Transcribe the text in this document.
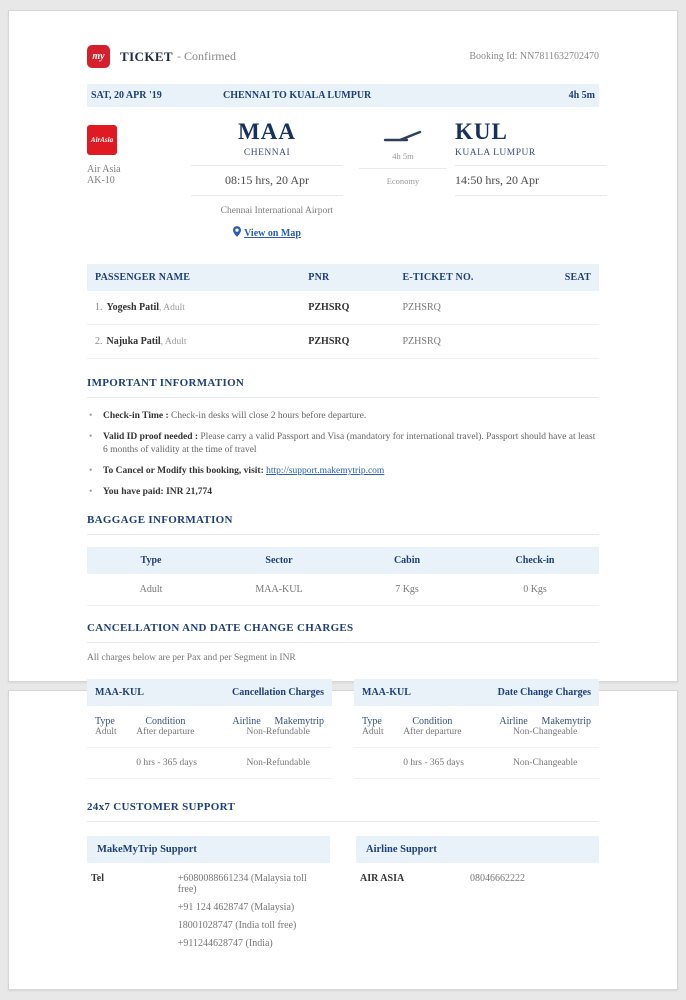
my	TICKET - Confirmed	Booking Id: NN7811632702470
SAT, 20 APR '19	CHENNAI TO KUALA LUMPUR	4h 5m
AirAsia
Air Asia
AK-10
MAA
CHENNAI
08:15 hrs, 20 Apr
Chennai International Airport
View on Map
4h 5m
Economy
KUL
KUALA LUMPUR
14:50 hrs, 20 Apr
PASSENGER NAME	PNR	E-TICKET NO.	SEAT
1. Yogesh Patil, Adult	PZHSRQ	PZHSRQ
2. Najuka Patil, Adult	PZHSRQ	PZHSRQ
IMPORTANT INFORMATION
• Check-in Time : Check-in desks will close 2 hours before departure.
• Valid ID proof needed : Please carry a valid Passport and Visa (mandatory for international travel). Passport should have at least 6 months of validity at the time of travel
• To Cancel or Modify this booking, visit: http://support.makemytrip.com
• You have paid: INR 21,774
BAGGAGE INFORMATION
Type	Sector	Cabin	Check-in
Adult	MAA-KUL	7 Kgs	0 Kgs
CANCELLATION AND DATE CHANGE CHARGES
All charges below are per Pax and per Segment in INR
MAA-KUL	Cancellation Charges
Type	Condition	Airline	Makemytrip
MAA-KUL	Date Change Charges
Type	Condition	Airline	Makemytrip
Adult	After departure	Non-Refundable
0 hrs - 365 days	Non-Refundable
Adult	After departure	Non-Changeable
0 hrs - 365 days	Non-Changeable
24x7 CUSTOMER SUPPORT
MakeMyTrip Support
Tel	+6080088661234 (Malaysia toll free)
+91 124 4628747 (Malaysia)
18001028747 (India toll free)
+911244628747 (India)
Airline Support
AIR ASIA	08046662222
